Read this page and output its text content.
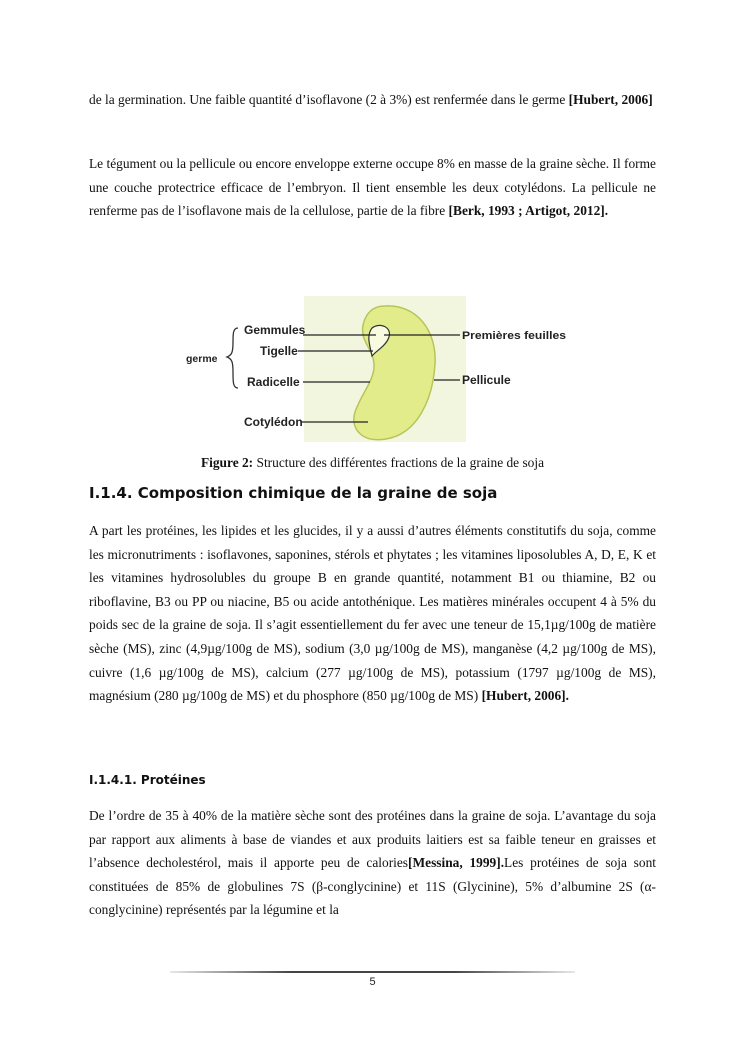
de la germination. Une faible quantité d’isoflavone (2 à 3%) est renfermée dans le germe [Hubert, 2006]

Le tégument ou la pellicule ou encore enveloppe externe occupe 8% en masse de la graine sèche. Il forme une couche protectrice efficace de l’embryon. Il tient ensemble les deux cotylédons. La pellicule ne renferme pas de l’isoflavone mais de la cellulose, partie de la fibre [Berk, 1993 ; Artigot, 2012].

germe
Gemmules
Tigelle
Radicelle
Cotylédon
Premières feuilles
Pellicule

Figure 2: Structure des différentes fractions de la graine de soja

I.1.4. Composition chimique de la graine de soja

A part les protéines, les lipides et les glucides, il y a aussi d’autres éléments constitutifs du soja, comme les micronutriments : isoflavones, saponines, stérols et phytates ; les vitamines liposolubles A, D, E, K et les vitamines hydrosolubles du groupe B en grande quantité, notamment B1 ou thiamine, B2 ou riboflavine, B3 ou PP ou niacine, B5 ou acide antothénique. Les matières minérales occupent 4 à 5% du poids sec de la graine de soja. Il s’agit essentiellement du fer avec une teneur de 15,1µg/100g de matière sèche (MS), zinc (4,9µg/100g de MS), sodium (3,0 µg/100g de MS), manganèse (4,2 µg/100g de MS), cuivre (1,6 µg/100g de MS), calcium (277 µg/100g de MS), potassium (1797 µg/100g de MS), magnésium (280 µg/100g de MS) et du phosphore (850 µg/100g de MS) [Hubert, 2006].

I.1.4.1. Protéines

De l’ordre de 35 à 40% de la matière sèche sont des protéines dans la graine de soja. L’avantage du soja par rapport aux aliments à base de viandes et aux produits laitiers est sa faible teneur en graisses et l’absence decholestérol, mais il apporte peu de calories[Messina, 1999].Les protéines de soja sont constituées de 85% de globulines 7S (β-conglycinine) et 11S (Glycinine), 5% d’albumine 2S (α-conglycinine) représentés par la légumine et la

5
